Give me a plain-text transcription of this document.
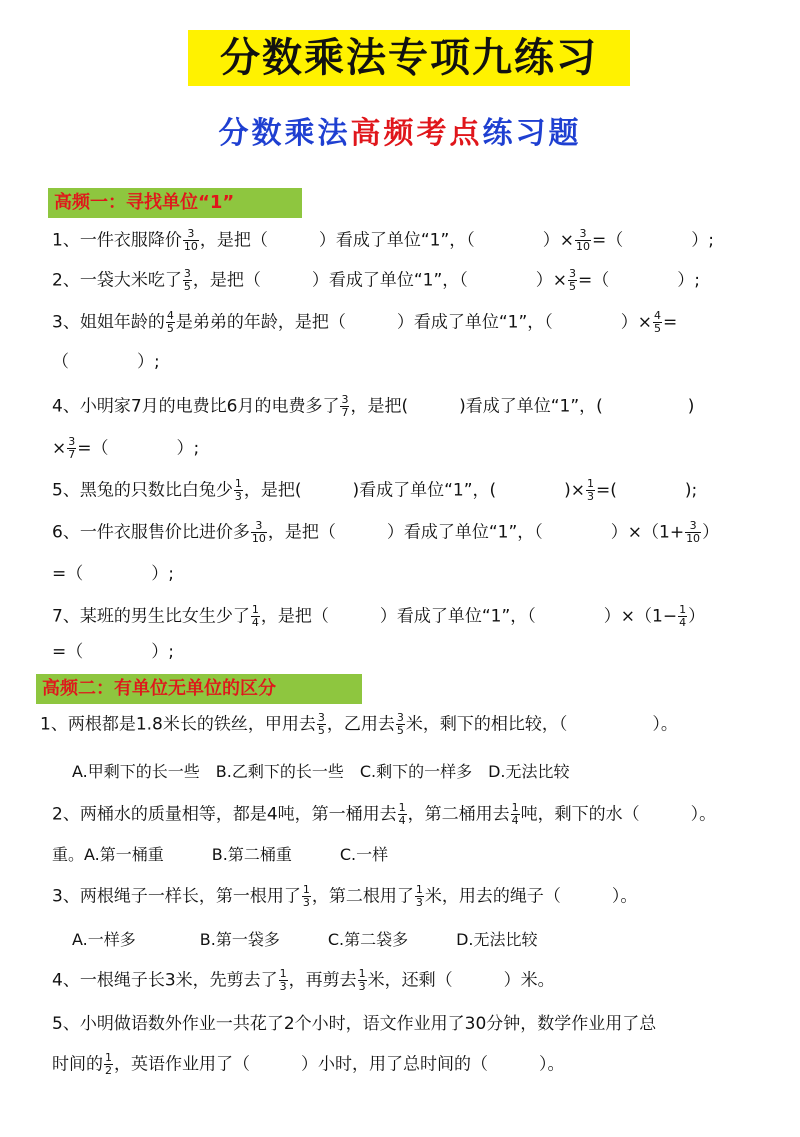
分数乘法专项九练习
分数乘法高频考点练习题
高频一：寻找单位“1”
1、一件衣服降价 $\frac{3}{10}$ ，是把（　　　）看成了单位“1”，（　　　　）× $\frac{3}{10}$ =（　　　　）;
2、一袋大米吃了 $\frac{3}{5}$ ，是把（　　　）看成了单位“1”，（　　　　）× $\frac{3}{5}$ =（　　　　）;
3、姐姐年龄的 $\frac{4}{5}$ 是弟弟的年龄，是把（　　　）看成了单位“1”，（　　　　）× $\frac{4}{5}$ =
（　　　　）;
4、小明家7月的电费比6月的电费多了 $\frac{3}{7}$ ，是把(　　　)看成了单位“1”，(　　　　　)
× $\frac{3}{7}$ =（　　　　）;
5、黑兔的只数比白兔少 $\frac{1}{3}$ ，是把(　　　)看成了单位“1”，(　　　　)× $\frac{1}{3}$ =(　　　　);
6、一件衣服售价比进价多 $\frac{3}{10}$ ，是把（　　　）看成了单位“1”，（　　　　）$\times(1+ \frac{3}{10}$ ）
=（　　　　）;
7、某班的男生比女生少了 $\frac{1}{4}$ ，是把（　　　）看成了单位“1”，（　　　　）$\times(1- \frac{1}{4}$ ）
=（　　　　）;
高频二：有单位无单位的区分
1、两根都是1.8米长的铁丝，甲用去 $\frac{3}{5}$ ，乙用去 $\frac{3}{5}$ 米，剩下的相比较，（　　　　　）。
A.甲剩下的长一些　B.乙剩下的长一些　C.剩下的一样多　D.无法比较
2、两桶水的质量相等，都是4吨，第一桶用去 $\frac{1}{4}$ ，第二桶用去 $\frac{1}{4}$ 吨，剩下的水（　　　）。
重。A.第一桶重　　　B.第二桶重　　　C.一样
3、两根绳子一样长，第一根用了 $\frac{1}{3}$ ，第二根用了 $\frac{1}{3}$ 米，用去的绳子（　　　）。
A.一样多　　　　B.第一袋多　　　C.第二袋多　　　D.无法比较
4、一根绳子长3米，先剪去了 $\frac{1}{3}$ ，再剪去 $\frac{1}{3}$ 米，还剩（　　　）米。
5、小明做语数外作业一共花了2个小时，语文作业用了30分钟，数学作业用了总
时间的 $\frac{1}{2}$ ，英语作业用了（　　　）小时，用了总时间的（　　　）。
